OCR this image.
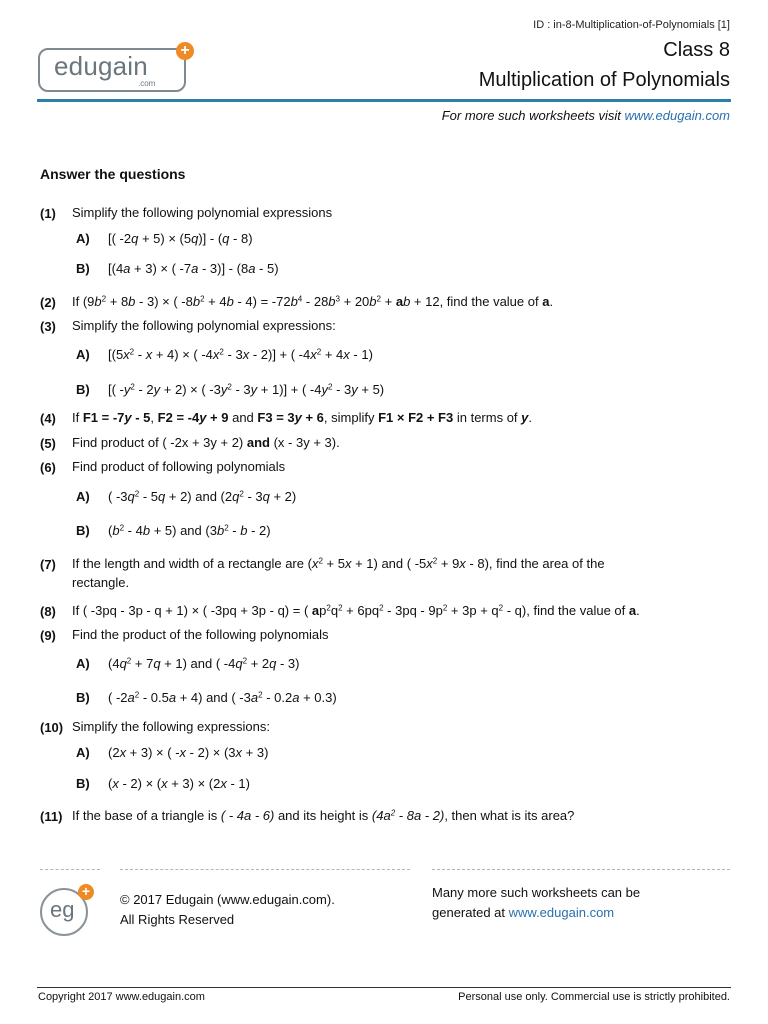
edugain
.com
+
ID : in-8-Multiplication-of-Polynomials [1]
Class 8
Multiplication of Polynomials
For more such worksheets visit www.edugain.com
Answer the questions
(1) Simplify the following polynomial expressions
A) [( -2q + 5) × (5q)] - (q - 8)
B) [(4a + 3) × ( -7a - 3)] - (8a - 5)
(2) If $(9b^2 + 8b - 3)$ × ( $-8b^2 + 4b - 4) = -72b^4 - 28b^3 + 20b^2$ + ab + 12, find the value of a.
(3) Simplify the following polynomial expressions:
A) [$(5x^2 - x + 4)$ × ( $-4x^2 - 3x - 2$)] + ( $-4x^2 + 4x - 1$)
B) [( $-y^2 - 2y + 2$) × ( $-3y^2 - 3y + 1$)] + ( $-4y^2 - 3y + 5$)
(4) If F1 = -7y - 5, F2 = -4y + 9 and F3 = 3y + 6, simplify F1 × F2 + F3 in terms of y.
(5) Find product of ( -2x + 3y + 2) and (x - 3y + 3).
(6) Find product of following polynomials
A) ( $-3q^2 - 5q + 2$) and $(2q^2 - 3q + 2)$
B) $(b^2 - 4b + 5)$ and ($3b^2$ - b - 2)
(7) If the length and width of a rectangle are $(x^2 + 5x + 1)$ and ( $-5x^2 + 9x - 8$), find the area of the
rectangle.
(8) If ( -3pq - 3p - q + 1) × ( -3pq + 3p - q) = ( $ap^2q^2 + 6pq^2 - 3pq - 9p^2 + 3p + q^2 - q$), find the value of a.
(9) Find the product of the following polynomials
A) $(4q^2 + 7q + 1)$ and ( $-4q^2 + 2q - 3$)
B) ( $-2a^2 - 0.5a + 4$) and ( $-3a^2 - 0.2a + 0.3$)
(10) Simplify the following expressions:
A) (2x + 3) × ( -x - 2) × (3x + 3)
B) (x - 2) × (x + 3) × (2x - 1)
(11) If the base of a triangle is ( - 4a - 6) and its height is $(4a^2 - 8a - 2)$, then what is its area?
eg
+
© 2017 Edugain (www.edugain.com).
All Rights Reserved
Many more such worksheets can be
generated at www.edugain.com
Copyright 2017 www.edugain.com	Personal use only. Commercial use is strictly prohibited.
